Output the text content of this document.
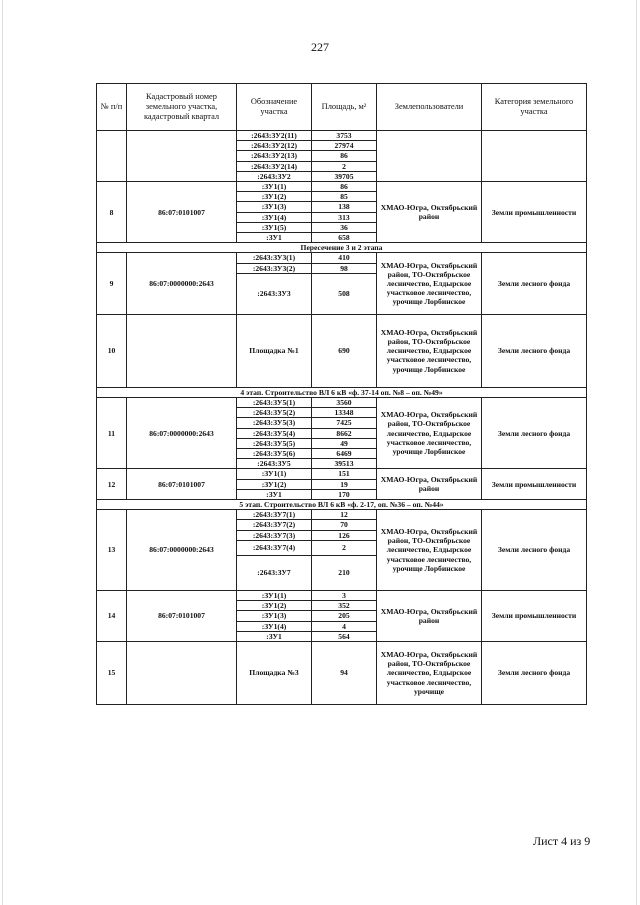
227
№ п/п	Кадастровый номер земельного участка, кадастровый квартал	Обозначение участка	Площадь, м²	Землепользователи	Категория земельного участка
		:2643:ЗУ2(11)	3753		
		:2643:ЗУ2(12)	27974		
		:2643:ЗУ2(13)	86		
		:2643:ЗУ2(14)	2		
		:2643:ЗУ2	39705		
8	86:07:0101007	:ЗУ1(1)	86	ХМАО-Югра, Октябрьский район	Земли промышленности
		:ЗУ1(2)	85		
		:ЗУ1(3)	138		
		:ЗУ1(4)	313		
		:ЗУ1(5)	36		
		:ЗУ1	658		
Пересечение 3 и 2 этапа					
9	86:07:0000000:2643	:2643:ЗУ3(1)	410	ХМАО-Югра, Октябрьский район, ТО-Октябрьское лесничество, Елдырское участковое лесничество, урочище Лорбинское	Земли лесного фонда
		:2643:ЗУ3(2)	98		
		:2643:ЗУ3	508		
10		Площадка №1	690	ХМАО-Югра, Октябрьский район, ТО-Октябрьское лесничество, Елдырское участковое лесничество, урочище Лорбинское	Земли лесного фонда
4 этап. Строительство ВЛ 6 кВ «ф. 37-14 оп. №8 – оп. №49»					
11	86:07:0000000:2643	:2643:ЗУ5(1)	3560	ХМАО-Югра, Октябрьский район, ТО-Октябрьское лесничество, Елдырское участковое лесничество, урочище Лорбинское	Земли лесного фонда
		:2643:ЗУ5(2)	13348		
		:2643:ЗУ5(3)	7425		
		:2643:ЗУ5(4)	8662		
		:2643:ЗУ5(5)	49		
		:2643:ЗУ5(6)	6469		
		:2643:ЗУ5	39513		
12	86:07:0101007	:ЗУ1(1)	151	ХМАО-Югра, Октябрьский район	Земли промышленности
		:ЗУ1(2)	19		
		:ЗУ1	170		
5 этап. Строительство ВЛ 6 кВ «ф. 2-17, оп. №36 – оп. №44»					
13	86:07:0000000:2643	:2643:ЗУ7(1)	12	ХМАО-Югра, Октябрьский район, ТО-Октябрьское лесничество, Елдырское участковое лесничество, урочище Лорбинское	Земли лесного фонда
		:2643:ЗУ7(2)	70		
		:2643:ЗУ7(3)	126		
		:2643:ЗУ7(4)	2		
		:2643:ЗУ7	210		
14	86:07:0101007	:ЗУ1(1)	3	ХМАО-Югра, Октябрьский район	Земли промышленности
		:ЗУ1(2)	352		
		:ЗУ1(3)	205		
		:ЗУ1(4)	4		
		:ЗУ1	564		
15		Площадка №3	94	ХМАО-Югра, Октябрьский район, ТО-Октябрьское лесничество, Елдырское участковое лесничество, урочище	Земли лесного фонда
Лист 4 из 9
